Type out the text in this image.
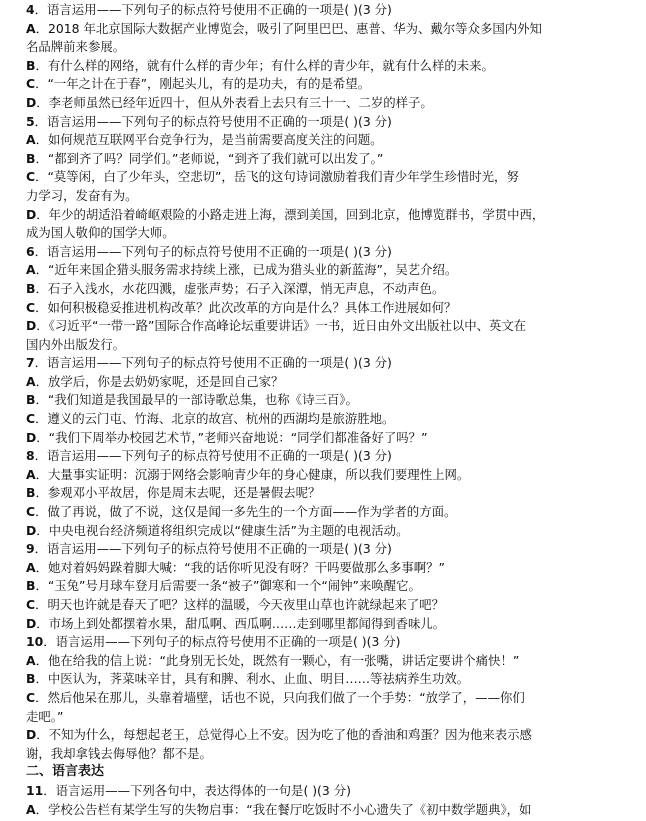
4．语言运用——下列句子的标点符号使用不正确的一项是( )(3 分)
A．2018 年北京国际大数据产业博览会，吸引了阿里巴巴、惠普、华为、戴尔等众多国内外知
名品牌前来参展。
B．有什么样的网络，就有什么样的青少年；有什么样的青少年，就有什么样的未来。
C．“一年之计在于春”，刚起头儿，有的是功夫，有的是希望。
D．李老师虽然已经年近四十，但从外表看上去只有三十一、二岁的样子。
5．语言运用——下列句子的标点符号使用不正确的一项是( )(3 分)
A．如何规范互联网平台竞争行为，是当前需要高度关注的问题。
B．“都到齐了吗？同学们。”老师说，“到齐了我们就可以出发了。”
C．“莫等闲，白了少年头，空悲切”，岳飞的这句诗词激励着我们青少年学生珍惜时光，努
力学习，发奋有为。
D．年少的胡适沿着崎岖艰险的小路走进上海，漂到美国，回到北京，他博览群书，学贯中西，
成为国人敬仰的国学大师。
6．语言运用——下列句子的标点符号使用不正确的一项是( )(3 分)
A．“近年来国企猎头服务需求持续上涨，已成为猎头业的新蓝海”，吴艺介绍。
B．石子入浅水，水花四溅，虚张声势；石子入深潭，悄无声息，不动声色。
C．如何积极稳妥推进机构改革？此次改革的方向是什么？具体工作进展如何？
D．《习近平“一带一路”国际合作高峰论坛重要讲话》一书，近日由外文出版社以中、英文在
国内外出版发行。
7．语言运用——下列句子的标点符号使用不正确的一项是( )(3 分)
A．放学后，你是去奶奶家呢，还是回自己家？
B．“我们知道是我国最早的一部诗歌总集，也称《诗三百》。
C．遵义的云门屯、竹海、北京的故宫、杭州的西湖均是旅游胜地。
D．“我们下周举办校园艺术节，”老师兴奋地说：“同学们都准备好了吗？”
8．语言运用——下列句子的标点符号使用不正确的一项是( )(3 分)
A．大量事实证明：沉溺于网络会影响青少年的身心健康，所以我们要理性上网。
B．参观邓小平故居，你是周末去呢，还是暑假去呢？
C．做了再说，做了不说，这仅是闻一多先生的一个方面——作为学者的方面。
D．中央电视台经济频道将组织完成以“健康生活”为主题的电视活动。
9．语言运用——下列句子的标点符号使用不正确的一项是( )(3 分)
A．她对着妈妈跺着脚大喊：“我的话你听见没有呀？干吗要做那么多事啊？”
B．“玉兔”号月球车登月后需要一条“被子”御寒和一个“闹钟”来唤醒它。
C．明天也许就是春天了吧？这样的温暖，今天夜里山草也许就绿起来了吧？
D．市场上到处都摆着水果，甜瓜啊、西瓜啊……走到哪里都闻得到香味儿。
10．语言运用——下列句子的标点符号使用不正确的一项是( )(3 分)
A．他在给我的信上说：“此身别无长处，既然有一颗心，有一张嘴，讲话定要讲个痛快！”
B．中医认为，荠菜味辛甘，具有和脾、利水、止血、明目……等祛病养生功效。
C．然后他呆在那儿，头靠着墙壁，话也不说，只向我们做了一个手势：“放学了，——你们
走吧。”
D．不知为什么，每想起老王，总觉得心上不安。因为吃了他的香油和鸡蛋？因为他来表示感
谢，我却拿钱去侮辱他？都不是。
二、语言表达
11．语言运用——下列各句中，表达得体的一句是( )(3 分)
A．学校公告栏有某学生写的失物启事：“我在餐厅吃饭时不小心遗失了《初中数学题典》，如
